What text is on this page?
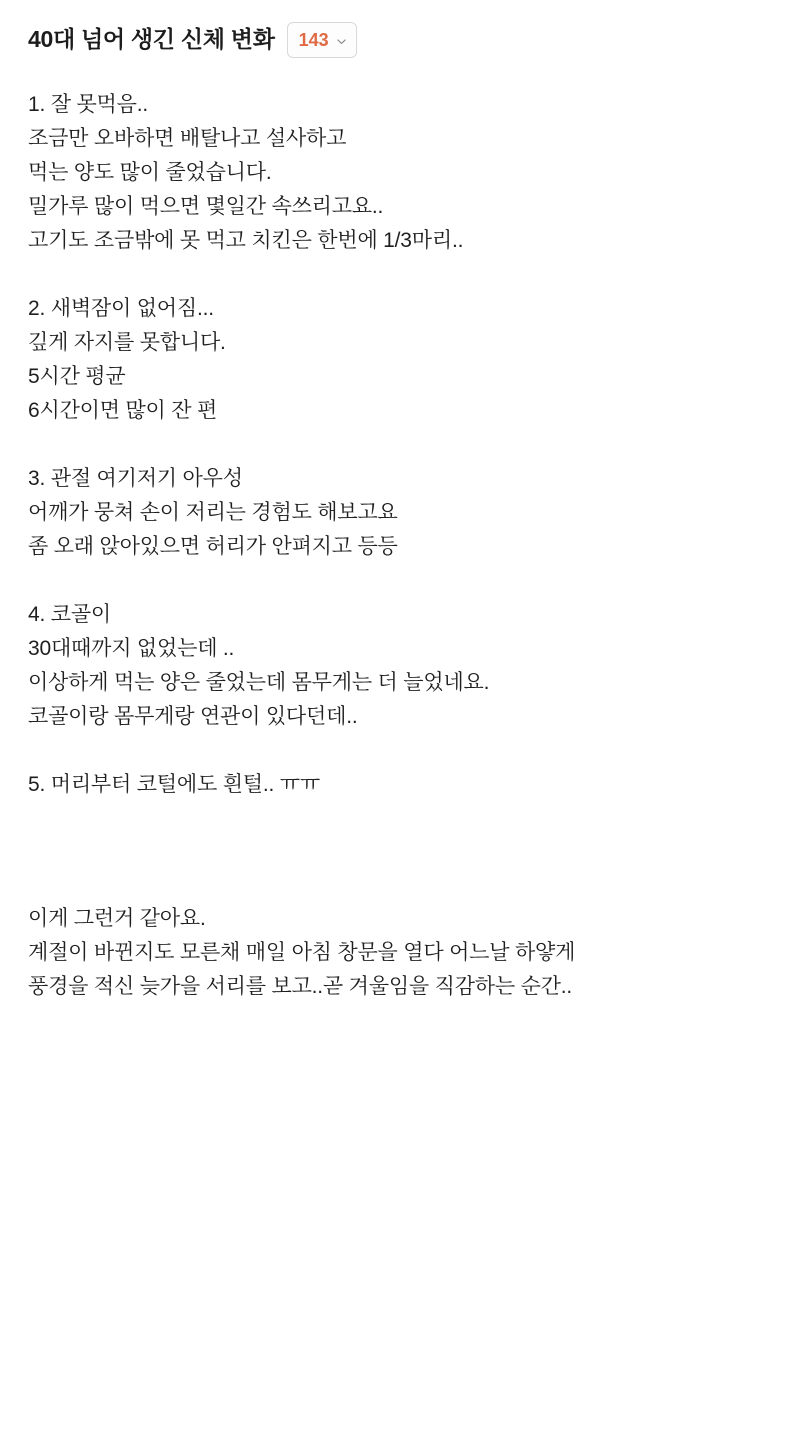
40대 넘어 생긴 신체 변화 143

1. 잘 못먹음..
조금만 오바하면 배탈나고 설사하고
먹는 양도 많이 줄었습니다.
밀가루 많이 먹으면 몇일간 속쓰리고요..
고기도 조금밖에 못 먹고 치킨은 한번에 1/3마리..

2. 새벽잠이 없어짐...
깊게 자지를 못합니다.
5시간 평균
6시간이면 많이 잔 편

3. 관절 여기저기 아우성
어깨가 뭉쳐 손이 저리는 경험도 해보고요
좀 오래 앉아있으면 허리가 안펴지고 등등

4. 코골이
30대때까지 없었는데 ..
이상하게 먹는 양은 줄었는데 몸무게는 더 늘었네요.
코골이랑 몸무게랑 연관이 있다던데..

5. 머리부터 코털에도 흰털.. ㅠㅠ

이게 그런거 같아요.
계절이 바뀐지도 모른채 매일 아침 창문을 열다 어느날 하얗게
풍경을 적신 늦가을 서리를 보고..곧 겨울임을 직감하는 순간..
